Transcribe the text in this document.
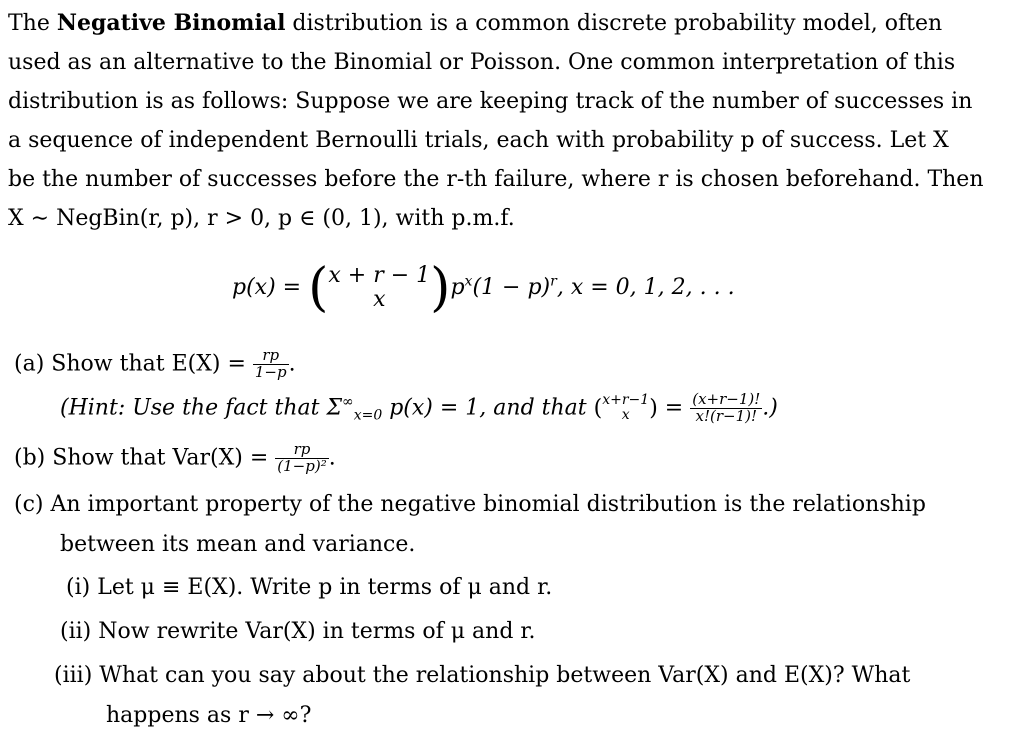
The Negative Binomial distribution is a common discrete probability model, often
used as an alternative to the Binomial or Poisson. One common interpretation of this
distribution is as follows: Suppose we are keeping track of the number of successes in
a sequence of independent Bernoulli trials, each with probability p of success. Let X
be the number of successes before the r-th failure, where r is chosen beforehand. Then
X ∼ NegBin(r, p), r > 0, p ∈ (0, 1), with p.m.f.
p(x) = ( x + r − 1
x )$p^x(1 - p)^r$, x = 0, 1, 2, . . .
(a) Show that $E(X) = \frac{rp}{1-p}$ .
(Hint: Use the fact that $\Sigma^\infty_{x=0}$ p(x) = 1, and that ( x+r−1
x ) = $\frac{(x+r-1)!}{x!(r-1)!}$ .)
(b) Show that $Var(X) = \frac{rp}{\text{(1−p)²}}$ .
(c) An important property of the negative binomial distribution is the relationship
between its mean and variance.
(i) Let μ ≡ E(X). Write p in terms of μ and r.
(ii) Now rewrite Var(X) in terms of μ and r.
(iii) What can you say about the relationship between Var(X) and E(X)? What
happens as r → ∞?
